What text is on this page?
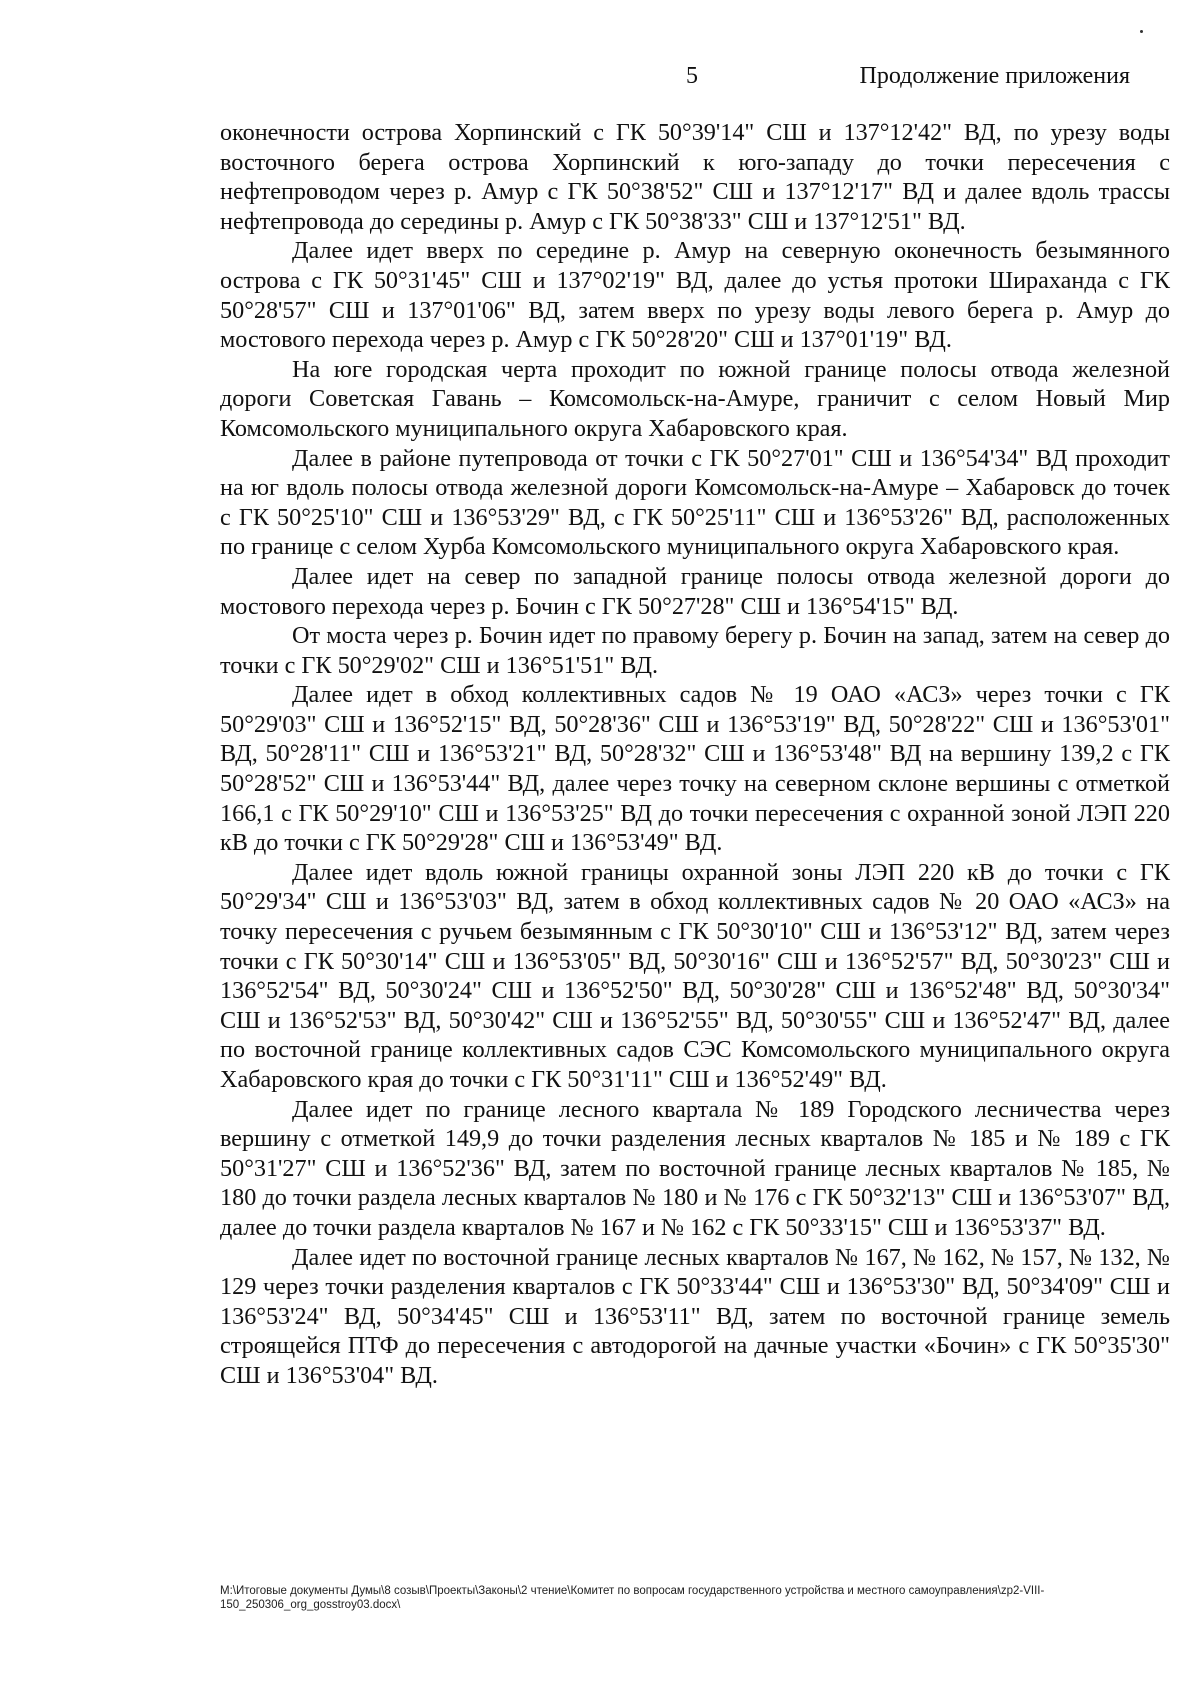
5	Продолжение приложения

оконечности острова Хорпинский с ГК 50°39'14" СШ и 137°12'42" ВД, по урезу воды восточного берега острова Хорпинский к юго-западу до точки пересечения с нефтепроводом через р. Амур с ГК 50°38'52" СШ и 137°12'17" ВД и далее вдоль трассы нефтепровода до середины р. Амур с ГК 50°38'33" СШ и 137°12'51" ВД.

Далее идет вверх по середине р. Амур на северную оконечность безымянного острова с ГК 50°31'45" СШ и 137°02'19" ВД, далее до устья протоки Шираханда с ГК 50°28'57" СШ и 137°01'06" ВД, затем вверх по урезу воды левого берега р. Амур до мостового перехода через р. Амур с ГК 50°28'20" СШ и 137°01'19" ВД.

На юге городская черта проходит по южной границе полосы отвода железной дороги Советская Гавань – Комсомольск-на-Амуре, граничит с селом Новый Мир Комсомольского муниципального округа Хабаровского края.

Далее в районе путепровода от точки с ГК 50°27'01" СШ и 136°54'34" ВД проходит на юг вдоль полосы отвода железной дороги Комсомольск-на-Амуре – Хабаровск до точек с ГК 50°25'10" СШ и 136°53'29" ВД, с ГК 50°25'11" СШ и 136°53'26" ВД, расположенных по границе с селом Хурба Комсомольского муниципального округа Хабаровского края.

Далее идет на север по западной границе полосы отвода железной дороги до мостового перехода через р. Бочин с ГК 50°27'28" СШ и 136°54'15" ВД.

От моста через р. Бочин идет по правому берегу р. Бочин на запад, затем на север до точки с ГК 50°29'02" СШ и 136°51'51" ВД.

Далее идет в обход коллективных садов № 19 ОАО «АСЗ» через точки с ГК 50°29'03" СШ и 136°52'15" ВД, 50°28'36" СШ и 136°53'19" ВД, 50°28'22" СШ и 136°53'01" ВД, 50°28'11" СШ и 136°53'21" ВД, 50°28'32" СШ и 136°53'48" ВД на вершину 139,2 с ГК 50°28'52" СШ и 136°53'44" ВД, далее через точку на северном склоне вершины с отметкой 166,1 с ГК 50°29'10" СШ и 136°53'25" ВД до точки пересечения с охранной зоной ЛЭП 220 кВ до точки с ГК 50°29'28" СШ и 136°53'49" ВД.

Далее идет вдоль южной границы охранной зоны ЛЭП 220 кВ до точки с ГК 50°29'34" СШ и 136°53'03" ВД, затем в обход коллективных садов № 20 ОАО «АСЗ» на точку пересечения с ручьем безымянным с ГК 50°30'10" СШ и 136°53'12" ВД, затем через точки с ГК 50°30'14" СШ и 136°53'05" ВД, 50°30'16" СШ и 136°52'57" ВД, 50°30'23" СШ и 136°52'54" ВД, 50°30'24" СШ и 136°52'50" ВД, 50°30'28" СШ и 136°52'48" ВД, 50°30'34" СШ и 136°52'53" ВД, 50°30'42" СШ и 136°52'55" ВД, 50°30'55" СШ и 136°52'47" ВД, далее по восточной границе коллективных садов СЭС Комсомольского муниципального округа Хабаровского края до точки с ГК 50°31'11" СШ и 136°52'49" ВД.

Далее идет по границе лесного квартала № 189 Городского лесничества через вершину с отметкой 149,9 до точки разделения лесных кварталов № 185 и № 189 с ГК 50°31'27" СШ и 136°52'36" ВД, затем по восточной границе лесных кварталов № 185, № 180 до точки раздела лесных кварталов № 180 и № 176 с ГК 50°32'13" СШ и 136°53'07" ВД, далее до точки раздела кварталов № 167 и № 162 с ГК 50°33'15" СШ и 136°53'37" ВД.

Далее идет по восточной границе лесных кварталов № 167, № 162, № 157, № 132, № 129 через точки разделения кварталов с ГК 50°33'44" СШ и 136°53'30" ВД, 50°34'09" СШ и 136°53'24" ВД, 50°34'45" СШ и 136°53'11" ВД, затем по восточной границе земель строящейся ПТФ до пересечения с автодорогой на дачные участки «Бочин» с ГК 50°35'30" СШ и 136°53'04" ВД.

М:\Итоговые документы Думы\8 созыв\Проекты\Законы\2 чтение\Комитет по вопросам государственного устройства и местного самоуправления\zp2-VIII-150_250306_org_gosstroy03.docx\
